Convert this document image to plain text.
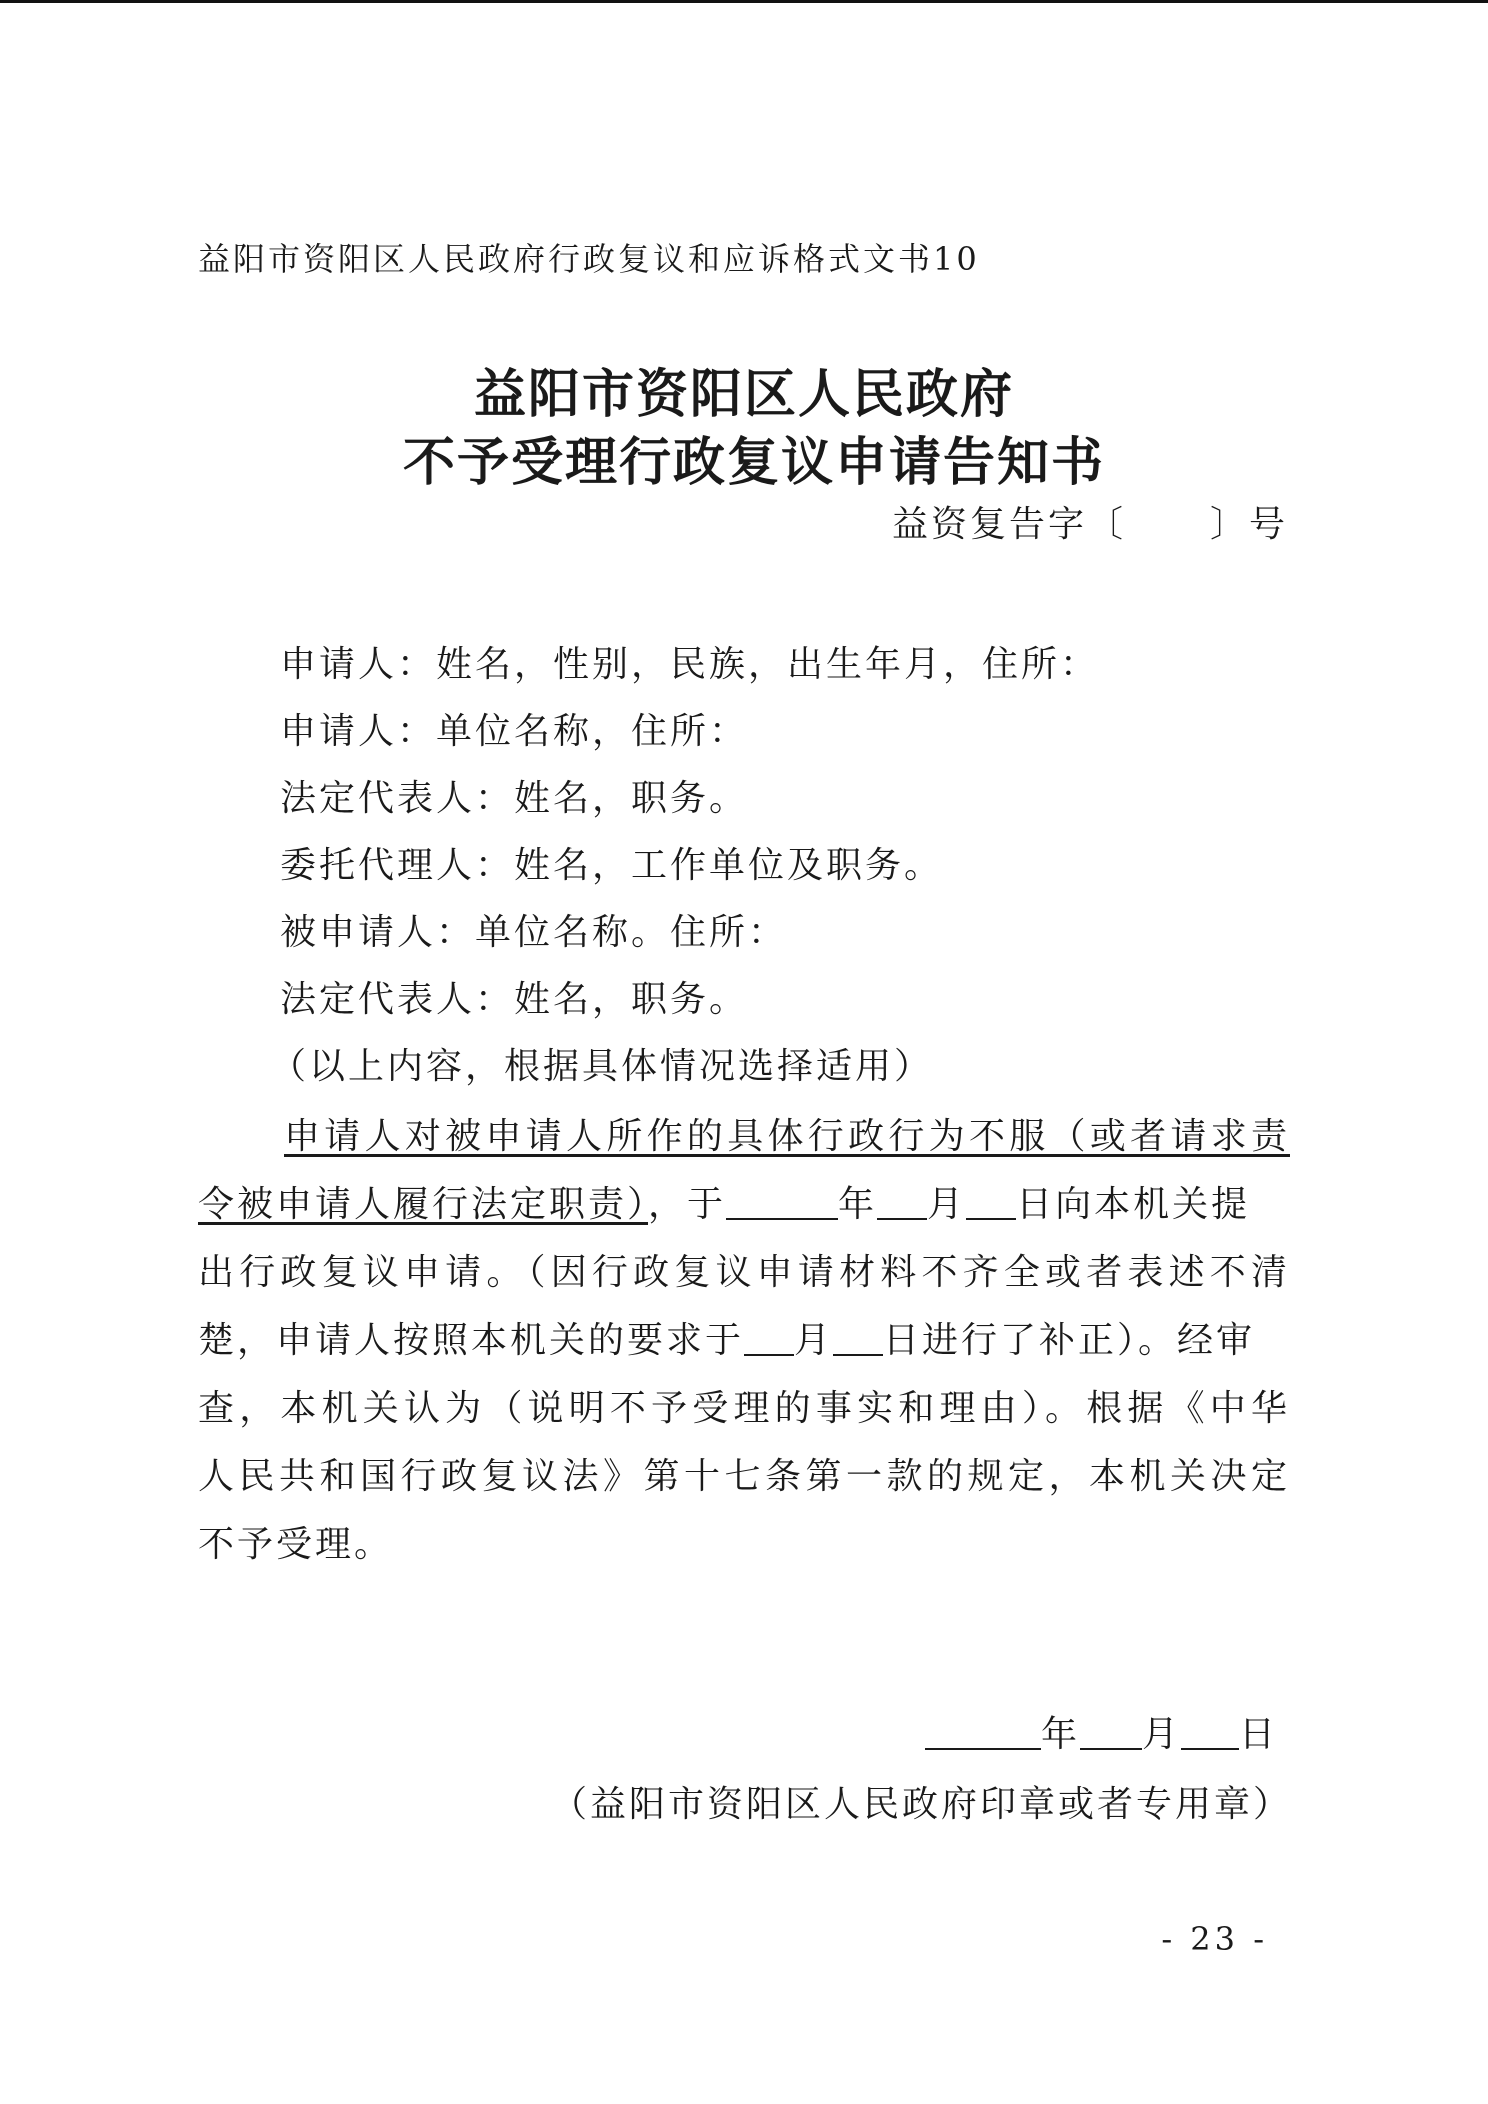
益阳市资阳区人民政府行政复议和应诉格式文书10
益阳市资阳区人民政府
不予受理行政复议申请告知书
益资复告字〔 〕号
申请人：姓名，性别，民族，出生年月，住所：
申请人：单位名称，住所：
法定代表人：姓名，职务。
委托代理人：姓名，工作单位及职务。
被申请人：单位名称。住所：
法定代表人：姓名，职务。
（以上内容，根据具体情况选择适用）
申请人对被申请人所作的具体行政行为不服（或者请求责
令被申请人履行法定职责），于	年 月 日向本机关提
出行政复议申请。（因行政复议申请材料不齐全或者表述不清
楚，申请人按照本机关的要求于 月 日进行了补正）。经审
查，本机关认为（说明不予受理的事实和理由）。根据《中华
人民共和国行政复议法》第十七条第一款的规定，本机关决定
不予受理。
年 月 日
（益阳市资阳区人民政府印章或者专用章）
- 23 -
